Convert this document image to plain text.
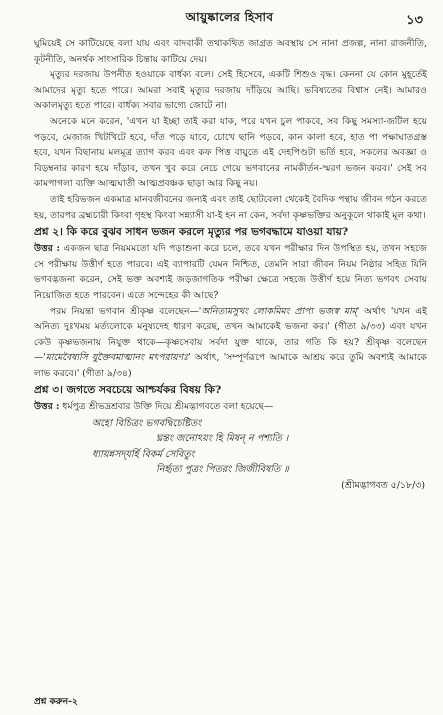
আয়ুষ্কালের হিসাব	১৩

ঘুমিয়েই সে কাটিয়েছে বলা যায় এবং বাদবাকী তথাকথিত জাগ্রত অবস্থায় সে নানা প্রজল্প, নানা রাজনীতি, কূটনীতি, অনর্থক সাংসারিক চিন্তায় কাটিয়ে দেয়।

মৃত্যুর দরজায় উপনীত হওয়াকে বার্ধক্য বলে। সেই হিসেবে, একটি শিশুও বৃদ্ধ। কেননা যে কোন মুহূর্তেই আমাদের মৃত্যু হতে পারে। আমরা সবাই মৃত্যুর দরজায় দাঁড়িয়ে আছি। ভবিষ্যতের বিশ্বাস নেই। আমারও অকালমৃত্যু হতে পারে। বার্ধক্য সবার ভাগ্যে জোটে না।

অনেকে মনে করেন, 'এখন যা ইচ্ছা তাই করা যাক, পরে যখন চুল পাকবে, সব কিছু সমস্যা-জটিল হয়ে পড়বে, মেজাজ খিটখিটে হবে, দাঁত পড়ে যাবে, চোখে ছানি পড়বে, কান কালা হবে, হাত পা পক্ষাঘাতগ্রস্ত হবে, যখন বিছানায় মলমূত্র ত্যাগ করব এবং কফ পিত্ত বায়ুতে এই দেহপিণ্ডটা ভর্তি হবে, সকলের অবজ্ঞা ও বিড়ম্বনার কারণ হয়ে দাঁড়াব, তখন খুব করে নেচে গেয়ে ভগবানের নামকীর্তন-স্মরণ ভজন করব।' সেই সব কামপাগলা ব্যক্তি আত্মঘাতী আত্মপ্রবঞ্চক ছাড়া আর কিছু নয়।

তাই হরিভজন একমাত্র মানবজীবনের জন্যই এবং তাই ছোটবেলা থেকেই বৈদিক পন্থায় জীবন গঠন করতে হয়, তারপর ব্রহ্মচারী কিংবা গৃহস্থ কিংবা সন্ন্যাসী যা-ই হন না কেন, সর্বদা কৃষ্ণভক্তির অনুকূলে থাকাই মূল কথা।

প্রশ্ন ২। কি করে বুঝব সাধন ভজন করলে মৃত্যুর পর ভগবদ্ধামে যাওয়া যায়?

উত্তর : একজন ছাত্র নিয়মমতো যদি পড়াশুনা করে চলে, তবে যখন পরীক্ষার দিন উপস্থিত হয়, তখন সহজে সে পরীক্ষায় উত্তীর্ণ হতে পারবে। এই ব্যাপারটি যেমন নিশ্চিত, তেমনি সারা জীবন নিয়ম নিষ্ঠার সহিত যিনি ভগবদ্ভজনা করেন, সেই ভক্ত অবশ্যই জড়জাগতিক পরীক্ষা ক্ষেত্রে সহজে উত্তীর্ণ হয়ে নিত্য ভগবৎ সেবায় নিয়োজিত হতে পারবেন। এতে সন্দেহের কী আছে?

পরম নিয়ন্তা ভগবান শ্রীকৃষ্ণ বলেছেন—'অনিত্যমসুখং লোকমিমং প্রাপ্য ভজস্ব মাম্' অর্থাৎ 'যখন এই অনিত্য দুঃখময় মর্ত্যলোকে মনুষ্যদেহ ধারণ করেছ, তখন আমাকেই ভজনা কর।' (গীতা ৯/৩৩) এবং যখন কেউ কৃষ্ণভজনায় নিযুক্ত থাকে—কৃষ্ণসেবায় সর্বদা যুক্ত থাকে, তার গতি কি হয়? শ্রীকৃষ্ণ বলেছেন—'মামেবৈষ্যসি যুক্তৈবমাত্মানং মৎপরায়ণঃ' অর্থাৎ, 'সম্পূর্ণরূপে আমাকে আশ্রয় করে তুমি অবশ্যই আমাকে লাভ করবে।' (গীতা ৯/৩৪)

প্রশ্ন ৩। জগতে সবচেয়ে আশ্চর্যকর বিষয় কি?

উত্তর : ধর্মপুত্র শ্রীভদ্রশ্রবার উক্তি দিয়ে শ্রীমদ্ভাগবতে বলা হয়েছে—

অহো বিচিত্রং ভগবদ্বিচেষ্টিতং
ঘ্নন্তং জনোঽয়ং হি মিষন্ ন পশ্যতি ।
ধ্যায়ন্নসদ্‌যর্হি বিকর্ম সেবিতুং
নির্হৃত্য পুত্রং পিতরং জিজীবিষতি ॥
(শ্রীমদ্ভাগবত ৫/১৮/৩)
প্রশ্ন করুন-২
